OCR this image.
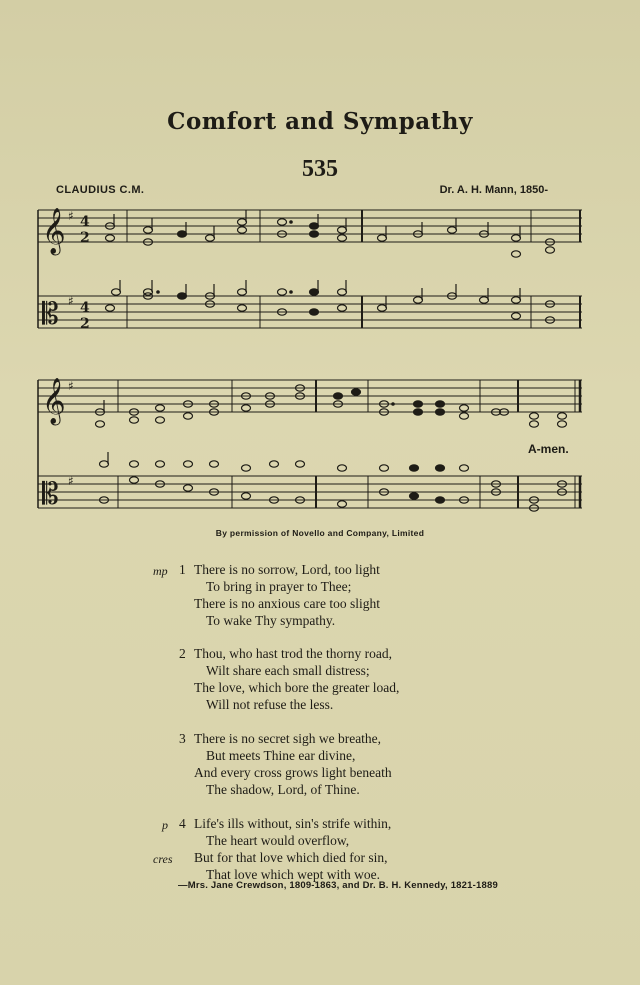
Comfort and Sympathy
535
CLAUDIUS C.M.	Dr. A. H. Mann, 1850-
𝄞
𝄡
♯
♯
4
2
4
2
𝄞
𝄡
♯
♯
A-men.
By permission of Novello and Company, Limited
mp 1 There is no sorrow, Lord, too light
To bring in prayer to Thee;
There is no anxious care too slight
To wake Thy sympathy.
2 Thou, who hast trod the thorny road,
Wilt share each small distress;
The love, which bore the greater load,
Will not refuse the less.
3 There is no secret sigh we breathe,
But meets Thine ear divine,
And every cross grows light beneath
The shadow, Lord, of Thine.
p 4 Life's ills without, sin's strife within,
The heart would overflow,
cres But for that love which died for sin,
That love which wept with woe.
—Mrs. Jane Crewdson, 1809-1863, and Dr. B. H. Kennedy, 1821-1889
